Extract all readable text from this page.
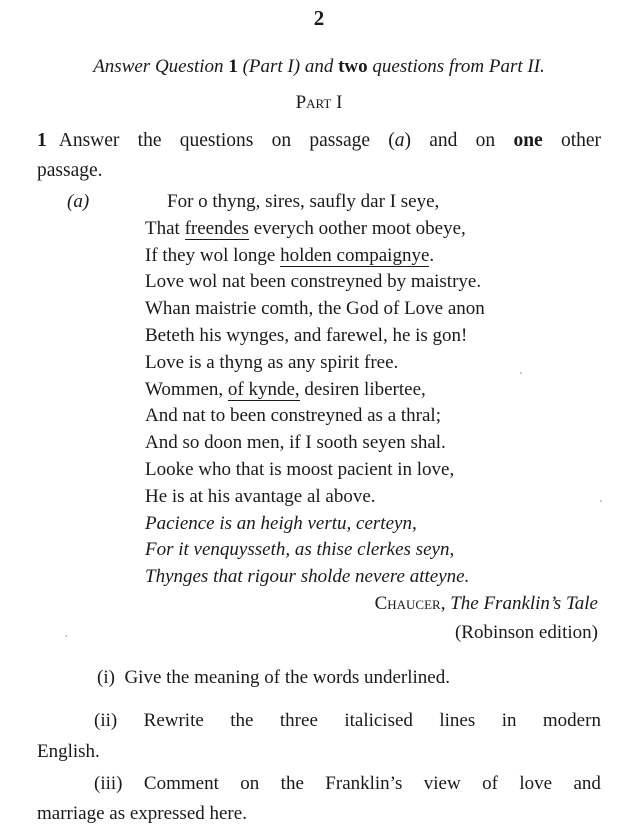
2
Answer Question 1 (Part I) and two questions from Part II.
Part I
1 Answer the questions on passage (a) and on one other
passage.
(a)	For o thyng, sires, saufly dar I seye,
That freendes everych oother moot obeye,
If they wol longe holden compaignye.
Love wol nat been constreyned by maistrye.
Whan maistrie comth, the God of Love anon
Beteth his wynges, and farewel, he is gon!
Love is a thyng as any spirit free.
Wommen, of kynde, desiren libertee,
And nat to been constreyned as a thral;
And so doon men, if I sooth seyen shal.
Looke who that is moost pacient in love,
He is at his avantage al above.
Pacience is an heigh vertu, certeyn,
For it venquysseth, as thise clerkes seyn,
Thynges that rigour sholde nevere atteyne.
Chaucer, The Franklin’s Tale
(Robinson edition)
(i) Give the meaning of the words underlined.
(ii) Rewrite the three italicised lines in modern
English.
(iii) Comment on the Franklin’s view of love and
marriage as expressed here.
